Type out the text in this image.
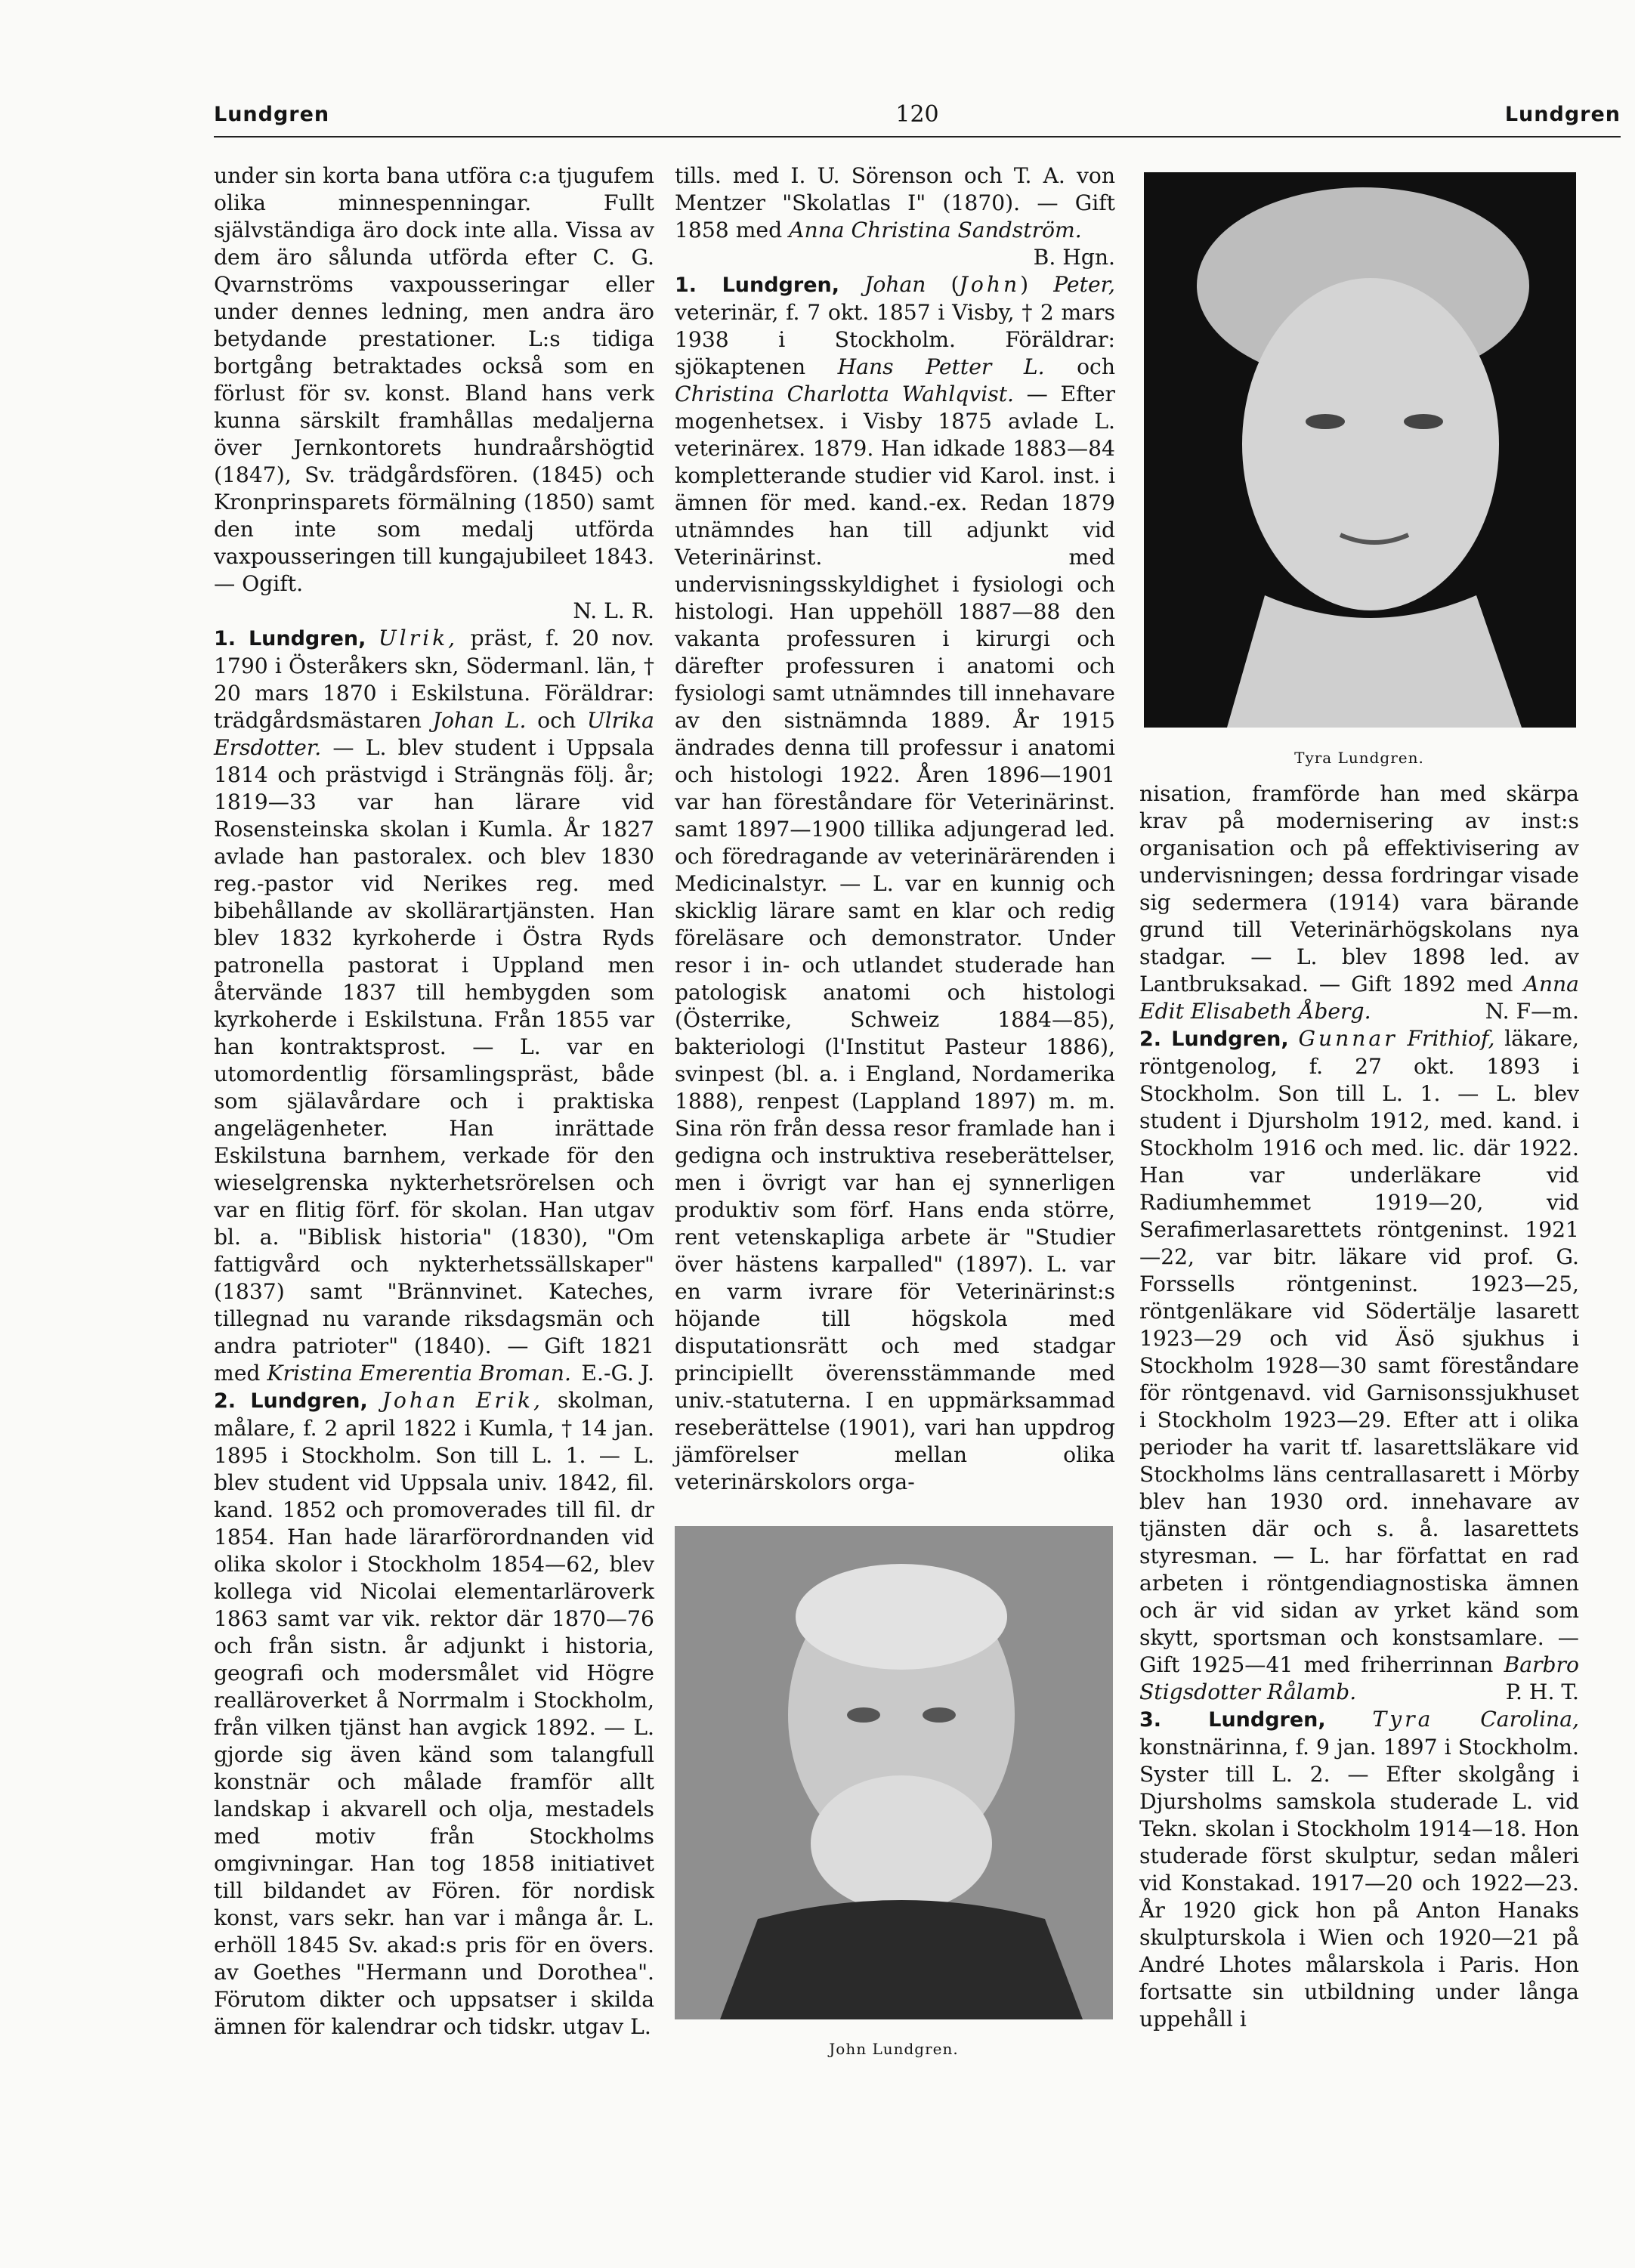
Lundgren	120	Lundgren

under sin korta bana utföra c:a tjugufem olika minnespenningar. Fullt självständiga äro dock inte alla. Vissa av dem äro sålunda utförda efter C. G. Qvarnströms vaxpousseringar eller under dennes ledning, men andra äro betydande prestationer. L:s tidiga bortgång betraktades också som en förlust för sv. konst. Bland hans verk kunna särskilt framhållas medaljerna över Jernkontorets hundraårshögtid (1847), Sv. trädgårdsfören. (1845) och Kronprinsparets förmälning (1850) samt den inte som medalj utförda vaxpousseringen till kungajubileet 1843. — Ogift.
N. L. R.

1. Lundgren, Ulrik, präst, f. 20 nov. 1790 i Österåkers skn, Södermanl. län, † 20 mars 1870 i Eskilstuna. Föräldrar: trädgårdsmästaren Johan L. och Ulrika Ersdotter. — L. blev student i Uppsala 1814 och prästvigd i Strängnäs följ. år; 1819—33 var han lärare vid Rosensteinska skolan i Kumla. År 1827 avlade han pastoralex. och blev 1830 reg.-pastor vid Nerikes reg. med bibehållande av skollärartjänsten. Han blev 1832 kyrkoherde i Östra Ryds patronella pastorat i Uppland men återvände 1837 till hembygden som kyrkoherde i Eskilstuna. Från 1855 var han kontraktsprost. — L. var en utomordentlig församlingspräst, både som själavårdare och i praktiska angelägenheter. Han inrättade Eskilstuna barnhem, verkade för den wieselgrenska nykterhetsrörelsen och var en flitig förf. för skolan. Han utgav bl. a. "Biblisk historia" (1830), "Om fattigvård och nykterhetssällskaper" (1837) samt "Brännvinet. Kateches, tillegnad nu varande riksdagsmän och andra patrioter" (1840). — Gift 1821 med Kristina Emerentia Broman. E.-G. J.

2. Lundgren, Johan Erik, skolman, målare, f. 2 april 1822 i Kumla, † 14 jan. 1895 i Stockholm. Son till L. 1. — L. blev student vid Uppsala univ. 1842, fil. kand. 1852 och promoverades till fil. dr 1854. Han hade lärarförordnanden vid olika skolor i Stockholm 1854—62, blev kollega vid Nicolai elementarläroverk 1863 samt var vik. rektor där 1870—76 och från sistn. år adjunkt i historia, geografi och modersmålet vid Högre realläroverket å Norrmalm i Stockholm, från vilken tjänst han avgick 1892. — L. gjorde sig även känd som talangfull konstnär och målade framför allt landskap i akvarell och olja, mestadels med motiv från Stockholms omgivningar. Han tog 1858 initiativet till bildandet av Fören. för nordisk konst, vars sekr. han var i många år. L. erhöll 1845 Sv. akad:s pris för en övers. av Goethes "Hermann und Dorothea". Förutom dikter och uppsatser i skilda ämnen för kalendrar och tidskr. utgav L.

tills. med I. U. Sörenson och T. A. von Mentzer "Skolatlas I" (1870). — Gift 1858 med Anna Christina Sandström.
B. Hgn.

1. Lundgren, Johan (John) Peter, veterinär, f. 7 okt. 1857 i Visby, † 2 mars 1938 i Stockholm. Föräldrar: sjökaptenen Hans Petter L. och Christina Charlotta Wahlqvist. — Efter mogenhetsex. i Visby 1875 avlade L. veterinärex. 1879. Han idkade 1883—84 kompletterande studier vid Karol. inst. i ämnen för med. kand.-ex. Redan 1879 utnämndes han till adjunkt vid Veterinärinst. med undervisningsskyldighet i fysiologi och histologi. Han uppehöll 1887—88 den vakanta professuren i kirurgi och därefter professuren i anatomi och fysiologi samt utnämndes till innehavare av den sistnämnda 1889. År 1915 ändrades denna till professur i anatomi och histologi 1922. Åren 1896—1901 var han föreståndare för Veterinärinst. samt 1897—1900 tillika adjungerad led. och föredragande av veterinärärenden i Medicinalstyr. — L. var en kunnig och skicklig lärare samt en klar och redig föreläsare och demonstrator. Under resor i in- och utlandet studerade han patologisk anatomi och histologi (Österrike, Schweiz 1884—85), bakteriologi (l'Institut Pasteur 1886), svinpest (bl. a. i England, Nordamerika 1888), renpest (Lappland 1897) m. m. Sina rön från dessa resor framlade han i gedigna och instruktiva reseberättelser, men i övrigt var han ej synnerligen produktiv som förf. Hans enda större, rent vetenskapliga arbete är "Studier över hästens karpalled" (1897). L. var en varm ivrare för Veterinärinst:s höjande till högskola med disputationsrätt och med stadgar principiellt överensstämmande med univ.-statuterna. I en uppmärksammad reseberättelse (1901), vari han uppdrog jämförelser mellan olika veterinärskolors orga-

John Lundgren.
Tyra Lundgren.

nisation, framförde han med skärpa krav på modernisering av inst:s organisation och på effektivisering av undervisningen; dessa fordringar visade sig sedermera (1914) vara bärande grund till Veterinärhögskolans nya stadgar. — L. blev 1898 led. av Lantbruksakad. — Gift 1892 med Anna Edit Elisabeth Åberg.	N. F—m.

2. Lundgren, Gunnar Frithiof, läkare, röntgenolog, f. 27 okt. 1893 i Stockholm. Son till L. 1. — L. blev student i Djursholm 1912, med. kand. i Stockholm 1916 och med. lic. där 1922. Han var underläkare vid Radiumhemmet 1919—20, vid Serafimerlasarettets röntgeninst. 1921—22, var bitr. läkare vid prof. G. Forssells röntgeninst. 1923—25, röntgenläkare vid Södertälje lasarett 1923—29 och vid Äsö sjukhus i Stockholm 1928—30 samt föreståndare för röntgenavd. vid Garnisonssjukhuset i Stockholm 1923—29. Efter att i olika perioder ha varit tf. lasarettsläkare vid Stockholms läns centrallasarett i Mörby blev han 1930 ord. innehavare av tjänsten där och s. å. lasarettets styresman. — L. har författat en rad arbeten i röntgendiagnostiska ämnen och är vid sidan av yrket känd som skytt, sportsman och konstsamlare. — Gift 1925—41 med friherrinnan Barbro Stigsdotter Rålamb.	P. H. T.

3. Lundgren, Tyra Carolina, konstnärinna, f. 9 jan. 1897 i Stockholm. Syster till L. 2. — Efter skolgång i Djursholms samskola studerade L. vid Tekn. skolan i Stockholm 1914—18. Hon studerade först skulptur, sedan måleri vid Konstakad. 1917—20 och 1922—23. År 1920 gick hon på Anton Hanaks skulpturskola i Wien och 1920—21 på André Lhotes målarskola i Paris. Hon fortsatte sin utbildning under långa uppehåll i
